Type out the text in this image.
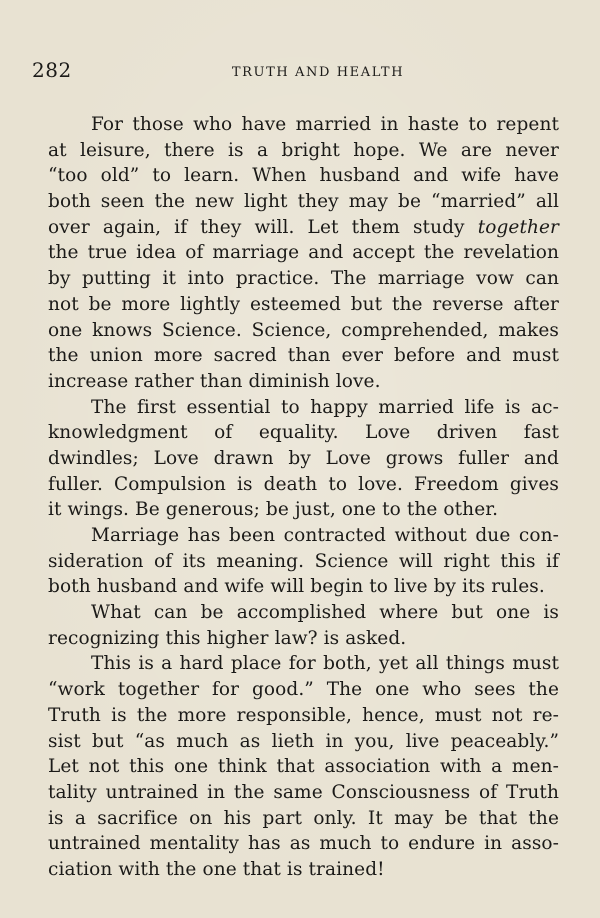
282	TRUTH AND HEALTH
For those who have married in haste to repent
at leisure, there is a bright hope. We are never
“too old” to learn. When husband and wife have
both seen the new light they may be “married” all
over again, if they will. Let them study together
the true idea of marriage and accept the revelation
by putting it into practice. The marriage vow can
not be more lightly esteemed but the reverse after
one knows Science. Science, comprehended, makes
the union more sacred than ever before and must
increase rather than diminish love.
The first essential to happy married life is ac-
knowledgment of equality. Love driven fast
dwindles; Love drawn by Love grows fuller and
fuller. Compulsion is death to love. Freedom gives
it wings. Be generous; be just, one to the other.
Marriage has been contracted without due con-
sideration of its meaning. Science will right this if
both husband and wife will begin to live by its rules.
What can be accomplished where but one is
recognizing this higher law? is asked.
This is a hard place for both, yet all things must
“work together for good.” The one who sees the
Truth is the more responsible, hence, must not re-
sist but “as much as lieth in you, live peaceably.”
Let not this one think that association with a men-
tality untrained in the same Consciousness of Truth
is a sacrifice on his part only. It may be that the
untrained mentality has as much to endure in asso-
ciation with the one that is trained!
